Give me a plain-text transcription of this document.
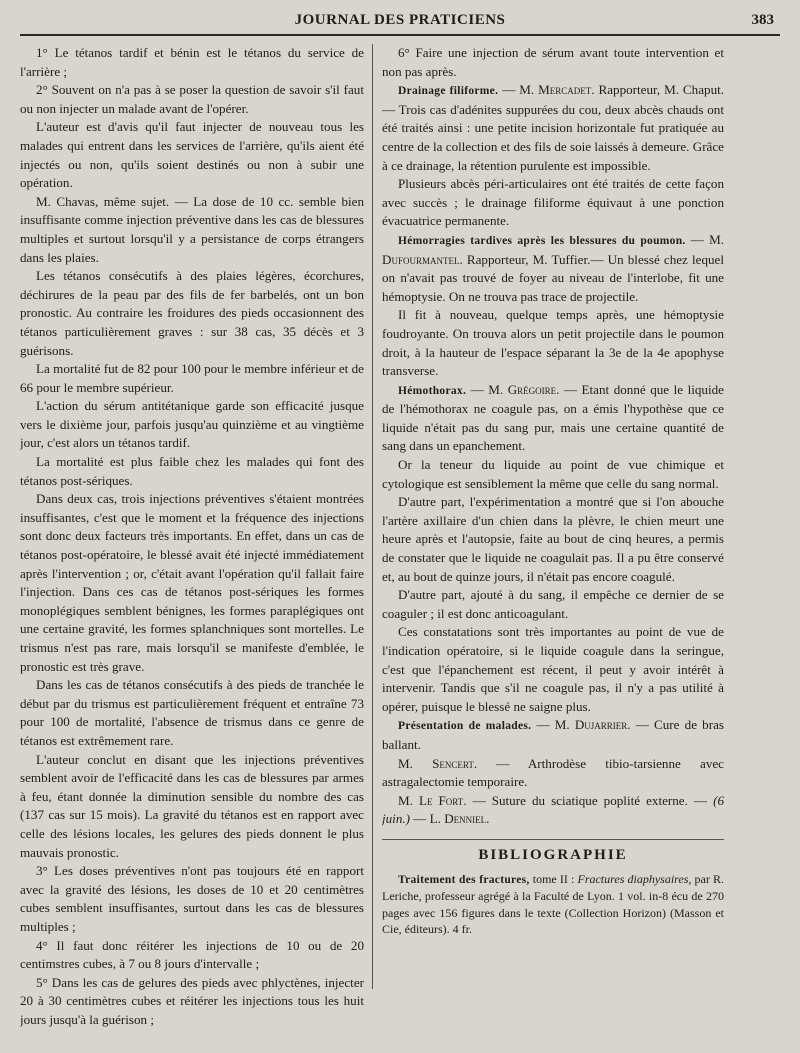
JOURNAL DES PRATICIENS	383

1° Le tétanos tardif et bénin est le tétanos du service de l'arrière ;

2° Souvent on n'a pas à se poser la question de savoir s'il faut ou non injecter un malade avant de l'opérer.

L'auteur est d'avis qu'il faut injecter de nouveau tous les malades qui entrent dans les services de l'arrière, qu'ils aient été injectés ou non, qu'ils soient destinés ou non à subir une opération.

M. Chavas, même sujet. — La dose de 10 cc. semble bien insuffisante comme injection préventive dans les cas de blessures multiples et surtout lorsqu'il y a persistance de corps étrangers dans les plaies.

Les tétanos consécutifs à des plaies légères, écorchures, déchirures de la peau par des fils de fer barbelés, ont un bon pronostic. Au contraire les froidures des pieds occasionnent des tétanos particulièrement graves : sur 38 cas, 35 décès et 3 guérisons.

La mortalité fut de 82 pour 100 pour le membre inférieur et de 66 pour le membre supérieur.

L'action du sérum antitétanique garde son efficacité jusque vers le dixième jour, parfois jusqu'au quinzième et au vingtième jour, c'est alors un tétanos tardif.

La mortalité est plus faible chez les malades qui font des tétanos post-sériques.

Dans deux cas, trois injections préventives s'étaient montrées insuffisantes, c'est que le moment et la fréquence des injections sont donc deux facteurs très importants. En effet, dans un cas de tétanos post-opératoire, le blessé avait été injecté immédiatement après l'intervention ; or, c'était avant l'opération qu'il fallait faire l'injection. Dans ces cas de tétanos post-sériques les formes monoplégiques semblent bénignes, les formes paraplégiques ont une certaine gravité, les formes splanchniques sont mortelles. Le trismus n'est pas rare, mais lorsqu'il se manifeste d'emblée, le pronostic est très grave.

Dans les cas de tétanos consécutifs à des pieds de tranchée le début par du trismus est particulièrement fréquent et entraîne 73 pour 100 de mortalité, l'absence de trismus dans ce genre de tétanos est extrêmement rare.

L'auteur conclut en disant que les injections préventives semblent avoir de l'efficacité dans les cas de blessures par armes à feu, étant donnée la diminution sensible du nombre des cas (137 cas sur 15 mois). La gravité du tétanos est en rapport avec celle des lésions locales, les gelures des pieds donnent le plus mauvais pronostic.

3° Les doses préventives n'ont pas toujours été en rapport avec la gravité des lésions, les doses de 10 et 20 centimètres cubes semblent insuffisantes, surtout dans les cas de blessures multiples ;

4° Il faut donc réitérer les injections de 10 ou de 20 centimstres cubes, à 7 ou 8 jours d'intervalle ;

5° Dans les cas de gelures des pieds avec phlyctènes, injecter 20 à 30 centimètres cubes et réitérer les injections tous les huit jours jusqu'à la guérison ;

6° Faire une injection de sérum avant toute intervention et non pas après.

Drainage filiforme. — M. Mercadet. Rapporteur, M. Chaput. — Trois cas d'adénites suppurées du cou, deux abcès chauds ont été traités ainsi : une petite incision horizontale fut pratiquée au centre de la collection et des fils de soie laissés à demeure. Grâce à ce drainage, la rétention purulente est impossible.

Plusieurs abcès péri-articulaires ont été traités de cette façon avec succès ; le drainage filiforme équivaut à une ponction évacuatrice permanente.

Hémorragies tardives après les blessures du poumon. — M. Dufourmantel. Rapporteur, M. Tuffier.— Un blessé chez lequel on n'avait pas trouvé de foyer au niveau de l'interlobe, fit une hémoptysie. On ne trouva pas trace de projectile.

Il fit à nouveau, quelque temps après, une hémoptysie foudroyante. On trouva alors un petit projectile dans le poumon droit, à la hauteur de l'espace séparant la 3e de la 4e apophyse transverse.

Hémothorax. — M. Grégoire. — Etant donné que le liquide de l'hémothorax ne coagule pas, on a émis l'hypothèse que ce liquide n'était pas du sang pur, mais une certaine quantité de sang dans un epanchement.

Or la teneur du liquide au point de vue chimique et cytologique est sensiblement la même que celle du sang normal.

D'autre part, l'expérimentation a montré que si l'on abouche l'artère axillaire d'un chien dans la plèvre, le chien meurt une heure après et l'autopsie, faite au bout de cinq heures, a permis de constater que le liquide ne coagulait pas. Il a pu être conservé et, au bout de quinze jours, il n'était pas encore coagulé.

D'autre part, ajouté à du sang, il empêche ce dernier de se coaguler ; il est donc anticoagulant.

Ces constatations sont très importantes au point de vue de l'indication opératoire, si le liquide coagule dans la seringue, c'est que l'épanchement est récent, il peut y avoir intérêt à intervenir. Tandis que s'il ne coagule pas, il n'y a pas utilité à opérer, puisque le blessé ne saigne plus.

Présentation de malades. — M. Dujarrier. — Cure de bras ballant.

M. Sencert. — Arthrodèse tibio-tarsienne avec astragalectomie temporaire.

M. Le Fort. — Suture du sciatique poplité externe. — (6 juin.) — L. Denniel.

BIBLIOGRAPHIE

Traitement des fractures, tome II : Fractures diaphysaires, par R. Leriche, professeur agrégé à la Faculté de Lyon. 1 vol. in-8 écu de 270 pages avec 156 figures dans le texte (Collection Horizon) (Masson et Cie, éditeurs). 4 fr.
